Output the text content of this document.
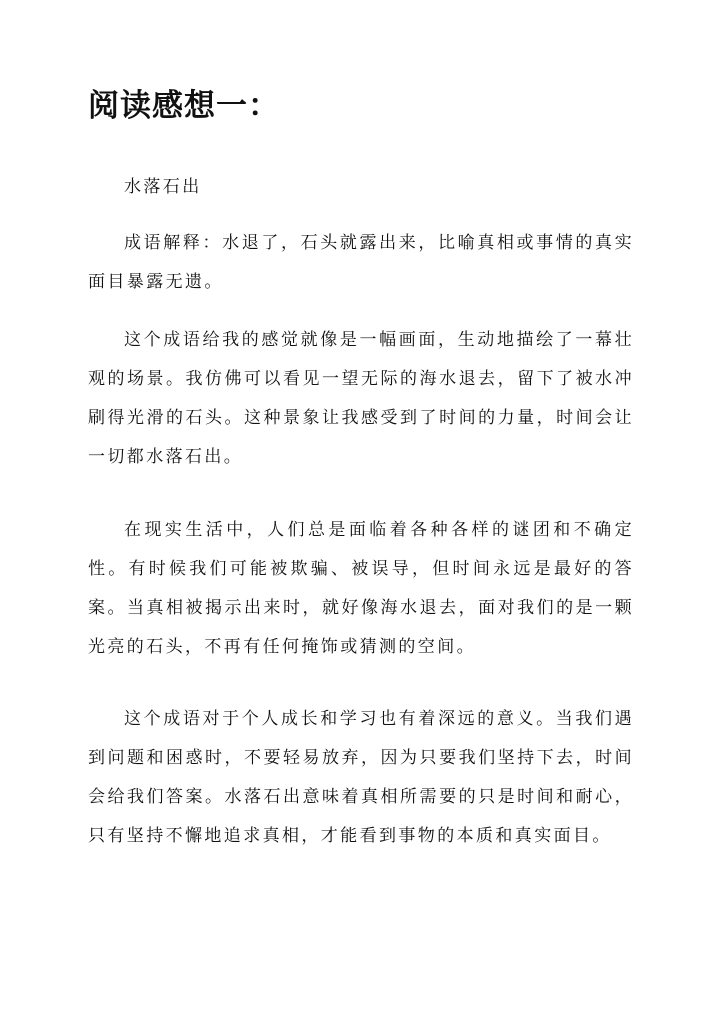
阅读感想一：

水落石出

成语解释：水退了，石头就露出来，比喻真相或事情的真实面目暴露无遗。

这个成语给我的感觉就像是一幅画面，生动地描绘了一幕壮观的场景。我仿佛可以看见一望无际的海水退去，留下了被水冲刷得光滑的石头。这种景象让我感受到了时间的力量，时间会让一切都水落石出。

在现实生活中，人们总是面临着各种各样的谜团和不确定性。有时候我们可能被欺骗、被误导，但时间永远是最好的答案。当真相被揭示出来时，就好像海水退去，面对我们的是一颗光亮的石头，不再有任何掩饰或猜测的空间。

这个成语对于个人成长和学习也有着深远的意义。当我们遇到问题和困惑时，不要轻易放弃，因为只要我们坚持下去，时间会给我们答案。水落石出意味着真相所需要的只是时间和耐心，只有坚持不懈地追求真相，才能看到事物的本质和真实面目。
